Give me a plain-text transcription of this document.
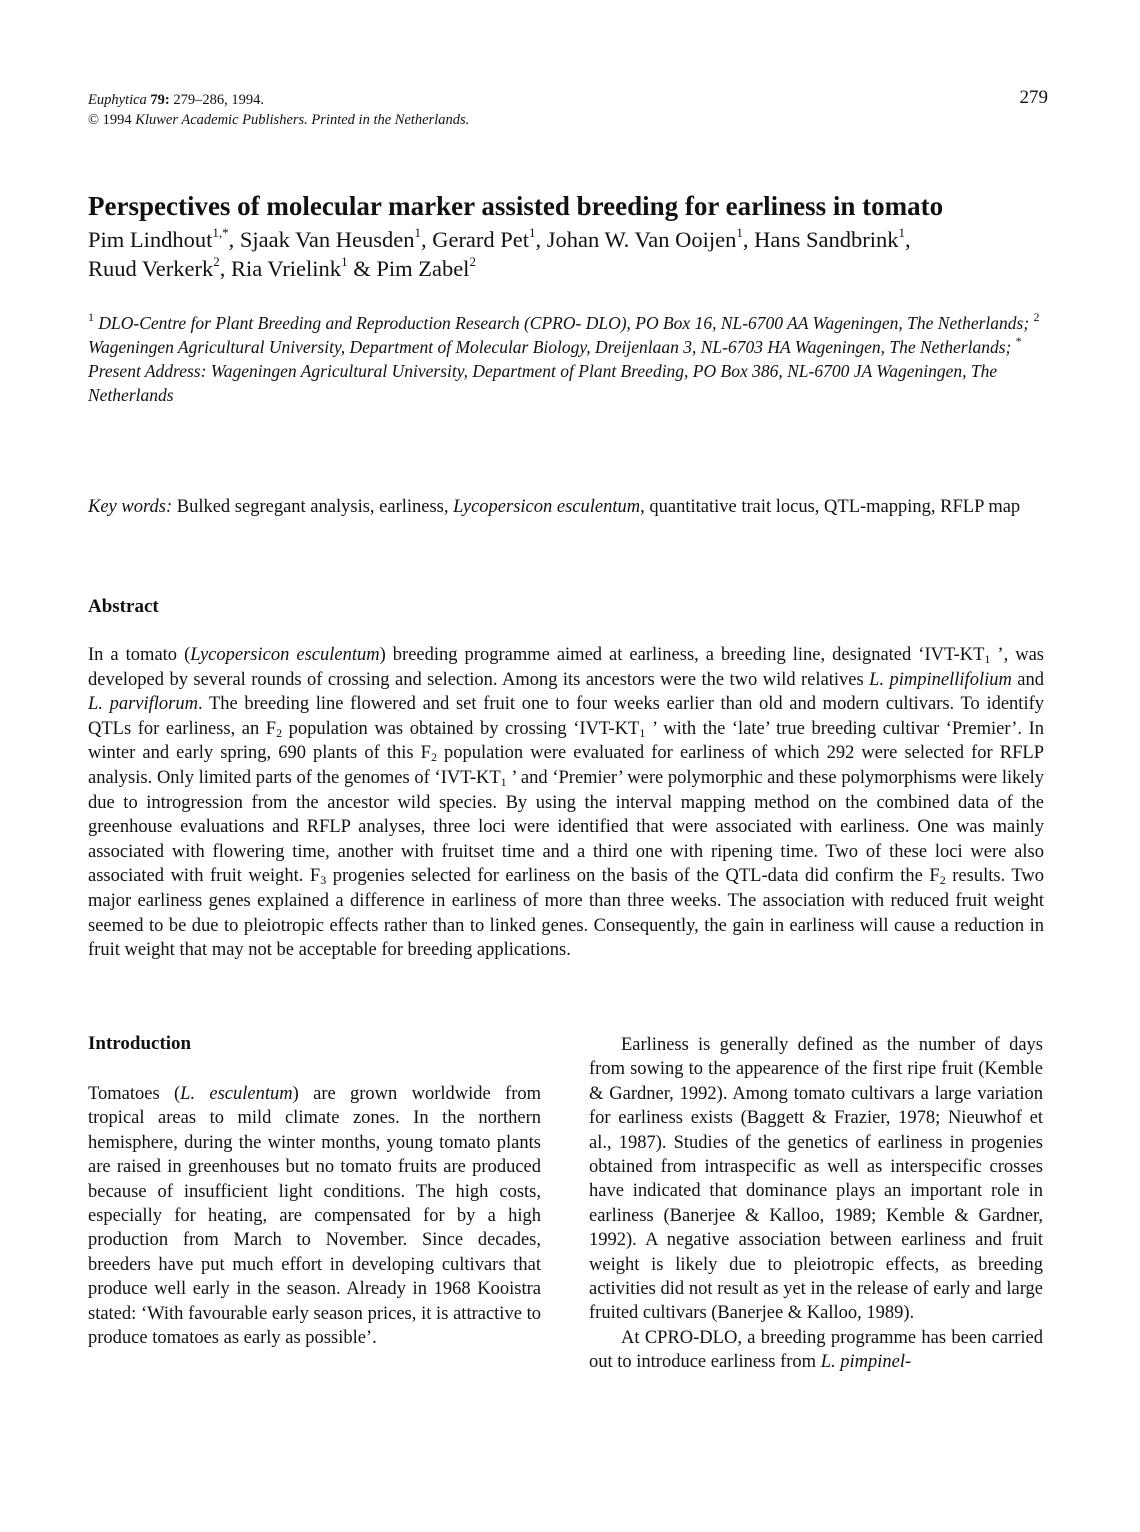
Euphytica 79: 279–286, 1994.
© 1994 Kluwer Academic Publishers. Printed in the Netherlands.
279
Perspectives of molecular marker assisted breeding for earliness in tomato
Pim Lindhout$^{1,*}$, Sjaak Van Heusden$^1$, Gerard Pet$^1$, Johan W. Van Ooijen$^1$, Hans Sandbrink$^1$,
Ruud Verkerk$^2$, Ria Vrielink$^1$ & Pim Zabel$^2$
$^1$ DLO-Centre for Plant Breeding and Reproduction Research (CPRO- DLO), PO Box 16, NL-6700 AA Wageningen, The Netherlands; $^2$ Wageningen Agricultural University, Department of Molecular Biology, Dreijenlaan 3, NL-6703 HA Wageningen, The Netherlands; * Present Address: Wageningen Agricultural University, Department of Plant Breeding, PO Box 386, NL-6700 JA Wageningen, The Netherlands
Key words: Bulked segregant analysis, earliness, Lycopersicon esculentum, quantitative trait locus, QTL-mapping, RFLP map
Abstract

In a tomato (Lycopersicon esculentum) breeding programme aimed at earliness, a breeding line, designated ‘$IVT-KT_1$ ’, was developed by several rounds of crossing and selection. Among its ancestors were the two wild relatives L. pimpinellifolium and L. parviflorum. The breeding line flowered and set fruit one to four weeks earlier than old and modern cultivars. To identify QTLs for earliness, an $F_2$ population was obtained by crossing ‘$IVT-KT_1$ ’ with the ‘late’ true breeding cultivar ‘Premier’. In winter and early spring, 690 plants of this $F_2$ population were evaluated for earliness of which 292 were selected for RFLP analysis. Only limited parts of the genomes of ‘$IVT-KT_1$ ’ and ‘Premier’ were polymorphic and these polymorphisms were likely due to introgression from the ancestor wild species. By using the interval mapping method on the combined data of the greenhouse evaluations and RFLP analyses, three loci were identified that were associated with earliness. One was mainly associated with flowering time, another with fruitset time and a third one with ripening time. Two of these loci were also associated with fruit weight. $F_3$ progenies selected for earliness on the basis of the QTL-data did confirm the $F_2$ results. Two major earliness genes explained a difference in earliness of more than three weeks. The association with reduced fruit weight seemed to be due to pleiotropic effects rather than to linked genes. Consequently, the gain in earliness will cause a reduction in fruit weight that may not be acceptable for breeding applications.

Introduction

Tomatoes (L. esculentum) are grown worldwide from tropical areas to mild climate zones. In the northern hemisphere, during the winter months, young tomato plants are raised in greenhouses but no tomato fruits are produced because of insufficient light conditions. The high costs, especially for heating, are compensated for by a high production from March to November. Since decades, breeders have put much effort in developing cultivars that produce well early in the season. Already in 1968 Kooistra stated: ‘With favourable early season prices, it is attractive to produce tomatoes as early as possible’.

Earliness is generally defined as the number of days from sowing to the appearence of the first ripe fruit (Kemble & Gardner, 1992). Among tomato cultivars a large variation for earliness exists (Baggett & Frazier, 1978; Nieuwhof et al., 1987). Studies of the genetics of earliness in progenies obtained from intraspecific as well as interspecific crosses have indicated that dominance plays an important role in earliness (Banerjee & Kalloo, 1989; Kemble & Gardner, 1992). A negative association between earliness and fruit weight is likely due to pleiotropic effects, as breeding activities did not result as yet in the release of early and large fruited cultivars (Banerjee & Kalloo, 1989).

At CPRO-DLO, a breeding programme has been carried out to introduce earliness from L. pimpinel-
